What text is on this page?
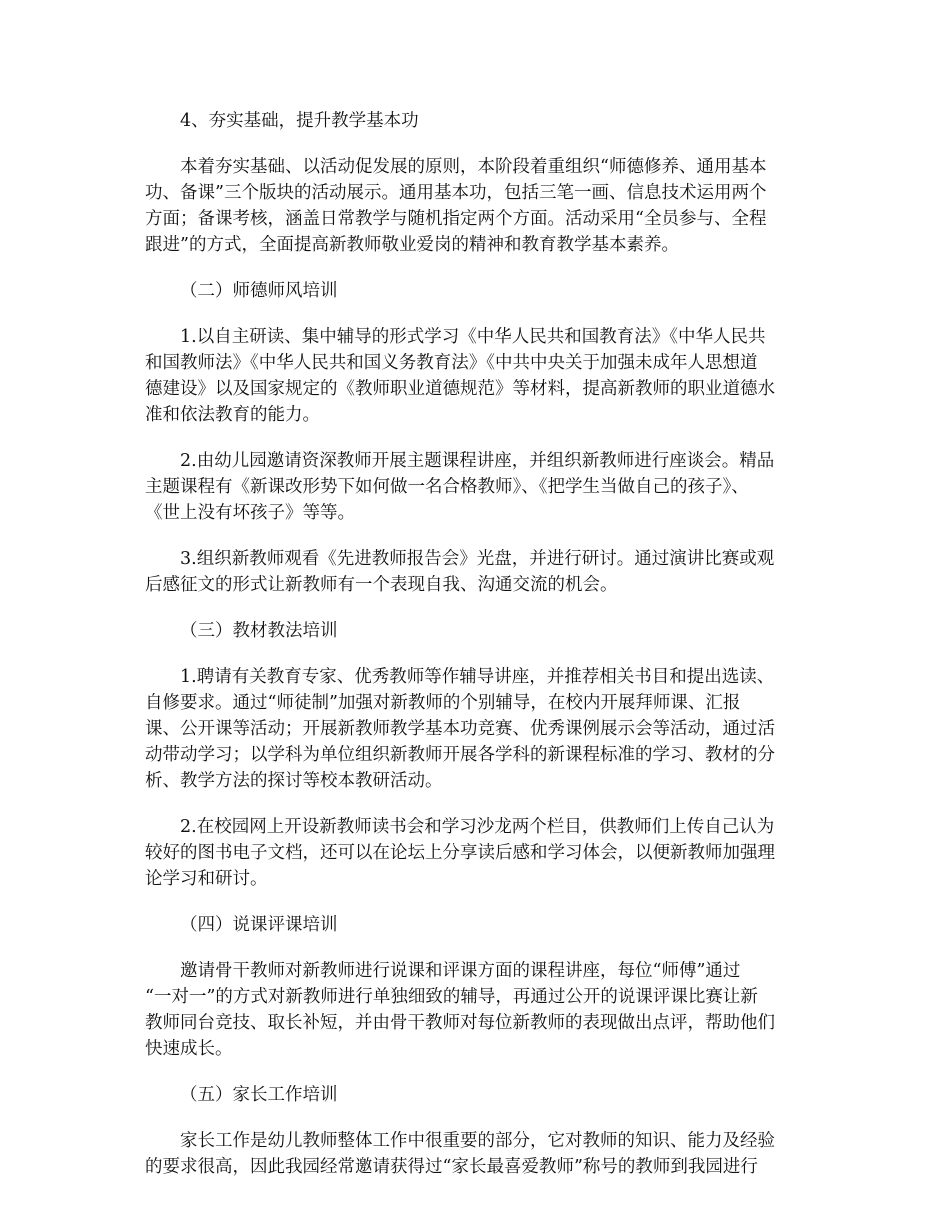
4、夯实基础，提升教学基本功
本着夯实基础、以活动促发展的原则，本阶段着重组织“师德修养、通用基本
功、备课”三个版块的活动展示。通用基本功，包括三笔一画、信息技术运用两个
方面；备课考核，涵盖日常教学与随机指定两个方面。活动采用“全员参与、全程
跟进”的方式，全面提高新教师敬业爱岗的精神和教育教学基本素养。
（二）师德师风培训
1.以自主研读、集中辅导的形式学习《中华人民共和国教育法》《中华人民共
和国教师法》《中华人民共和国义务教育法》《中共中央关于加强未成年人思想道
德建设》以及国家规定的《教师职业道德规范》等材料，提高新教师的职业道德水
准和依法教育的能力。
2.由幼儿园邀请资深教师开展主题课程讲座，并组织新教师进行座谈会。精品
主题课程有《新课改形势下如何做一名合格教师》、《把学生当做自己的孩子》、
《世上没有坏孩子》等等。
3.组织新教师观看《先进教师报告会》光盘，并进行研讨。通过演讲比赛或观
后感征文的形式让新教师有一个表现自我、沟通交流的机会。
（三）教材教法培训
1.聘请有关教育专家、优秀教师等作辅导讲座，并推荐相关书目和提出选读、
自修要求。通过“师徒制”加强对新教师的个别辅导，在校内开展拜师课、汇报
课、公开课等活动；开展新教师教学基本功竞赛、优秀课例展示会等活动，通过活
动带动学习；以学科为单位组织新教师开展各学科的新课程标准的学习、教材的分
析、教学方法的探讨等校本教研活动。
2.在校园网上开设新教师读书会和学习沙龙两个栏目，供教师们上传自己认为
较好的图书电子文档，还可以在论坛上分享读后感和学习体会，以便新教师加强理
论学习和研讨。
（四）说课评课培训
邀请骨干教师对新教师进行说课和评课方面的课程讲座，每位“师傅”通过
“一对一”的方式对新教师进行单独细致的辅导，再通过公开的说课评课比赛让新
教师同台竞技、取长补短，并由骨干教师对每位新教师的表现做出点评，帮助他们
快速成长。
（五）家长工作培训
家长工作是幼儿教师整体工作中很重要的部分，它对教师的知识、能力及经验
的要求很高，因此我园经常邀请获得过“家长最喜爱教师”称号的教师到我园进行
